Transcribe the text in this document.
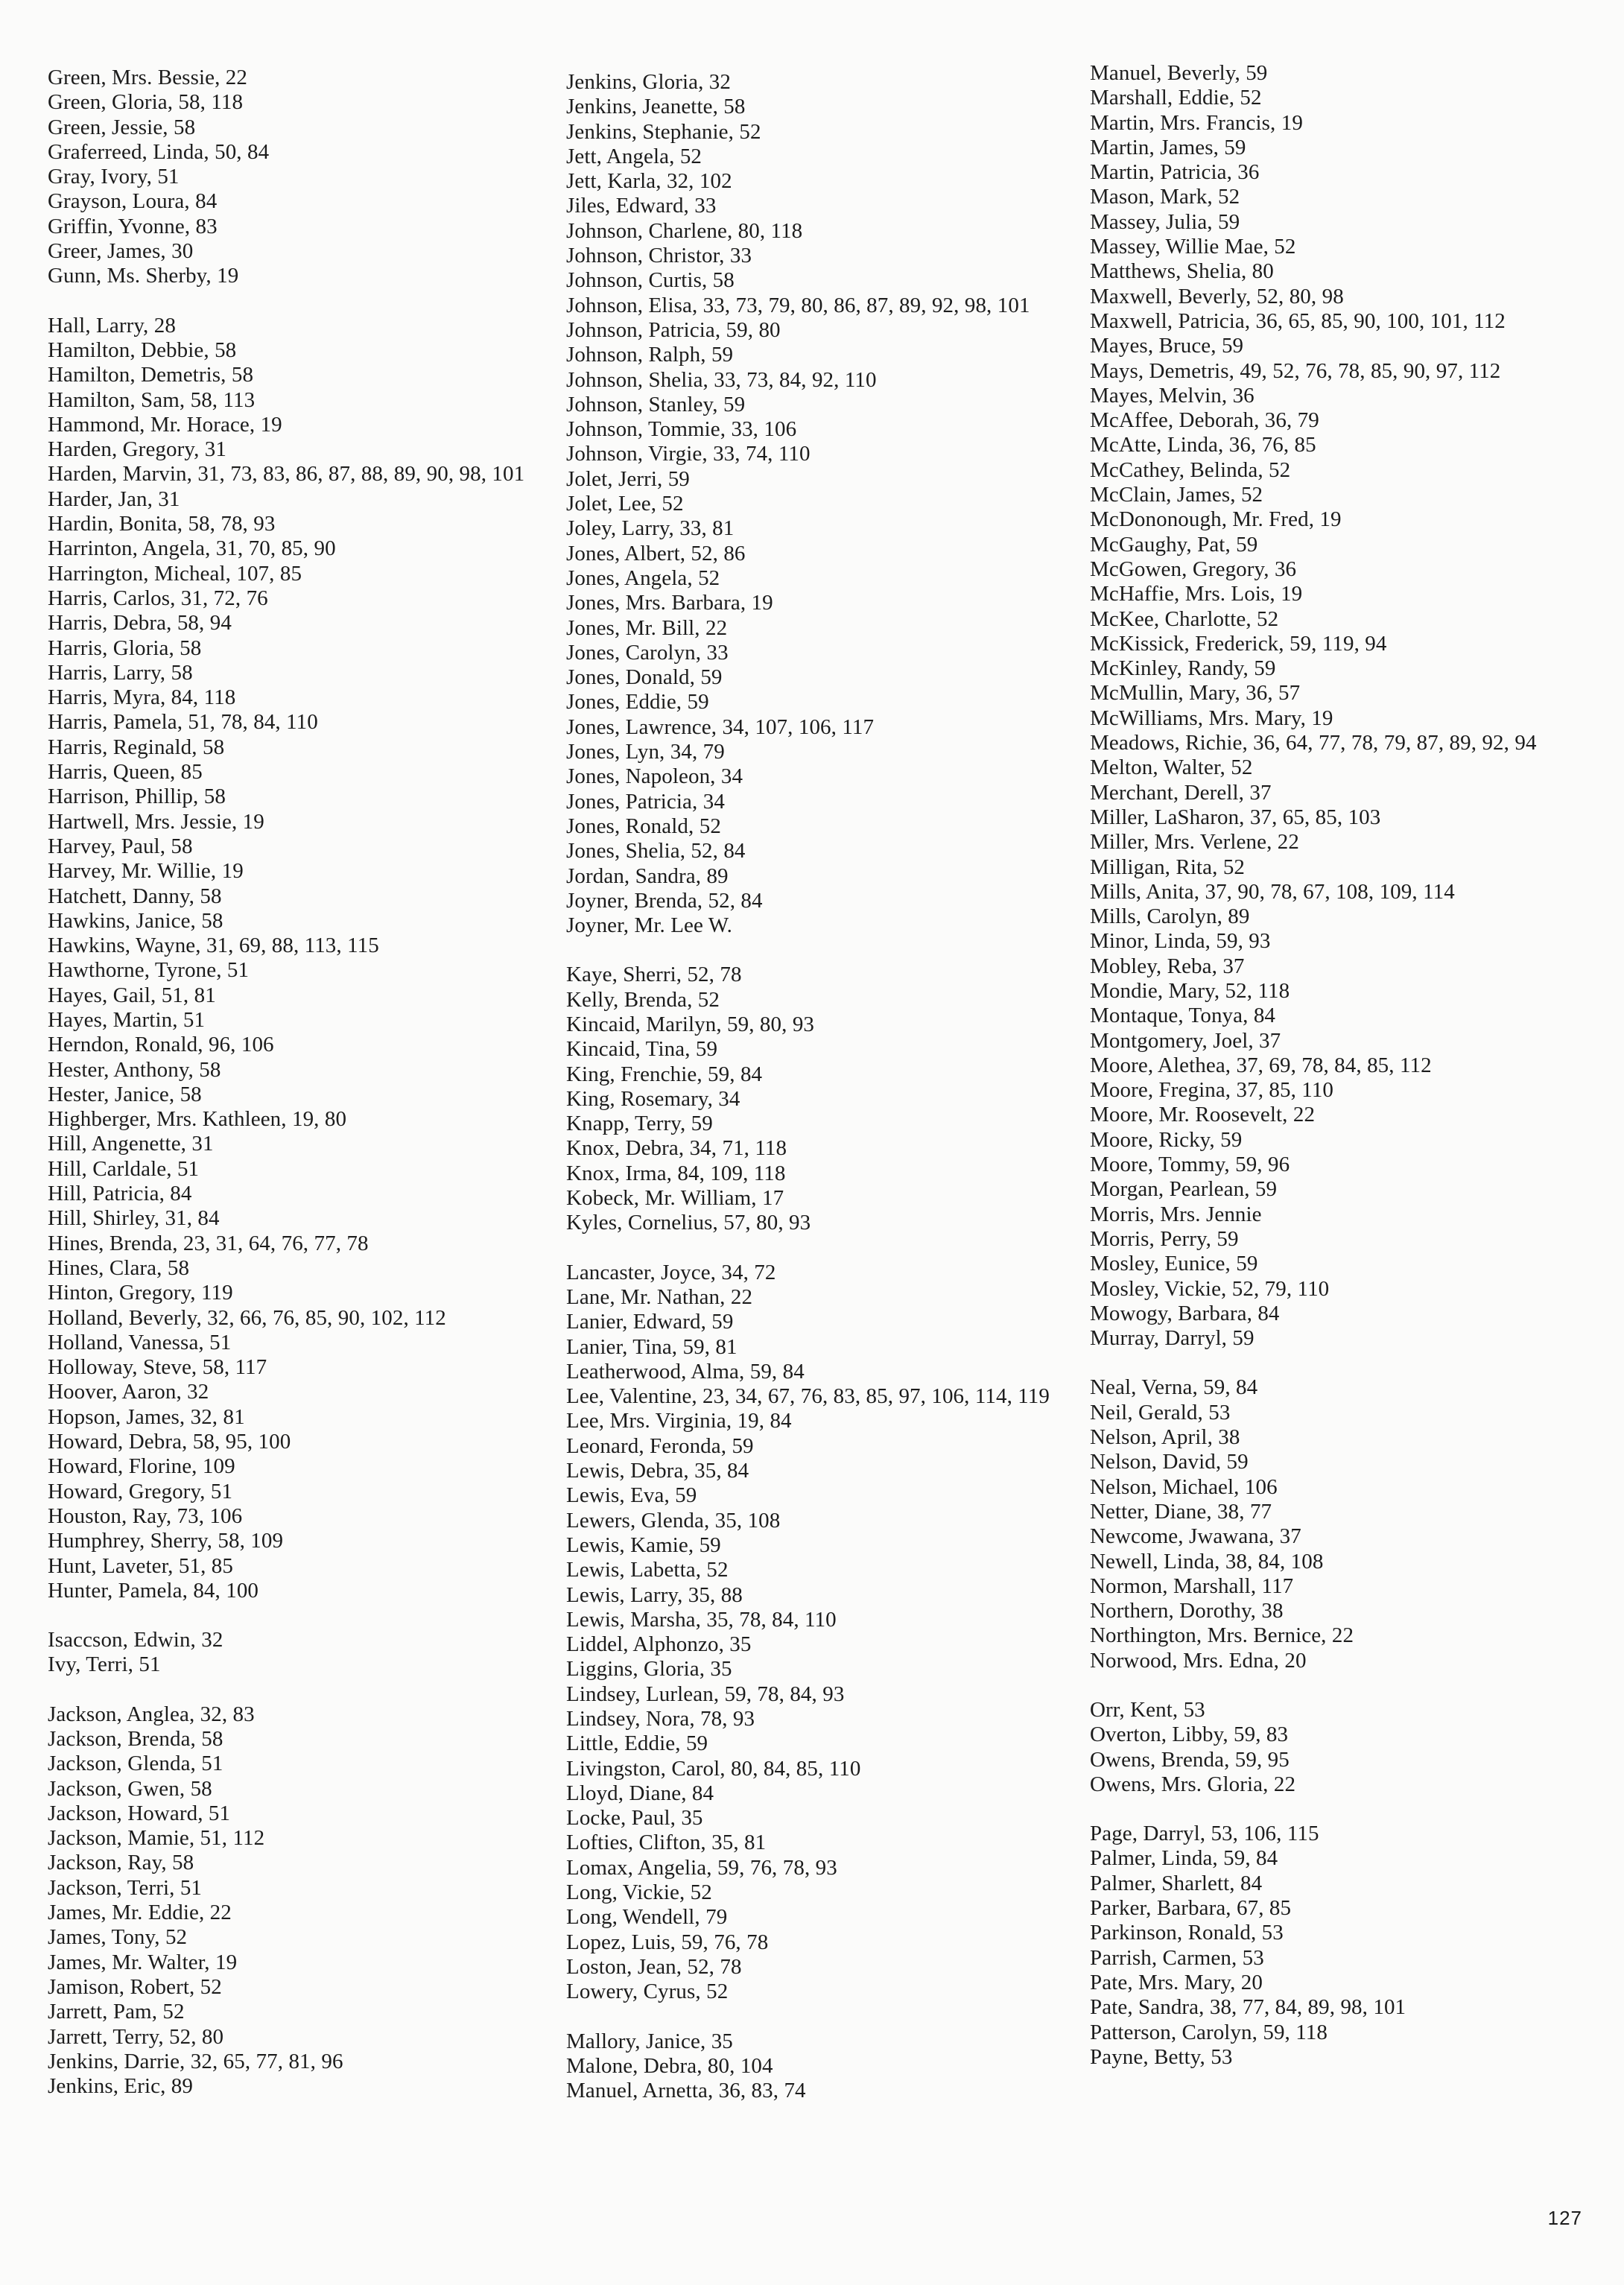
Green, Mrs. Bessie, 22
Green, Gloria, 58, 118
Green, Jessie, 58
Graferreed, Linda, 50, 84
Gray, Ivory, 51
Grayson, Loura, 84
Griffin, Yvonne, 83
Greer, James, 30
Gunn, Ms. Sherby, 19
Hall, Larry, 28
Hamilton, Debbie, 58
Hamilton, Demetris, 58
Hamilton, Sam, 58, 113
Hammond, Mr. Horace, 19
Harden, Gregory, 31
Harden, Marvin, 31, 73, 83, 86, 87, 88, 89, 90, 98, 101
Harder, Jan, 31
Hardin, Bonita, 58, 78, 93
Harrinton, Angela, 31, 70, 85, 90
Harrington, Micheal, 107, 85
Harris, Carlos, 31, 72, 76
Harris, Debra, 58, 94
Harris, Gloria, 58
Harris, Larry, 58
Harris, Myra, 84, 118
Harris, Pamela, 51, 78, 84, 110
Harris, Reginald, 58
Harris, Queen, 85
Harrison, Phillip, 58
Hartwell, Mrs. Jessie, 19
Harvey, Paul, 58
Harvey, Mr. Willie, 19
Hatchett, Danny, 58
Hawkins, Janice, 58
Hawkins, Wayne, 31, 69, 88, 113, 115
Hawthorne, Tyrone, 51
Hayes, Gail, 51, 81
Hayes, Martin, 51
Herndon, Ronald, 96, 106
Hester, Anthony, 58
Hester, Janice, 58
Highberger, Mrs. Kathleen, 19, 80
Hill, Angenette, 31
Hill, Carldale, 51
Hill, Patricia, 84
Hill, Shirley, 31, 84
Hines, Brenda, 23, 31, 64, 76, 77, 78
Hines, Clara, 58
Hinton, Gregory, 119
Holland, Beverly, 32, 66, 76, 85, 90, 102, 112
Holland, Vanessa, 51
Holloway, Steve, 58, 117
Hoover, Aaron, 32
Hopson, James, 32, 81
Howard, Debra, 58, 95, 100
Howard, Florine, 109
Howard, Gregory, 51
Houston, Ray, 73, 106
Humphrey, Sherry, 58, 109
Hunt, Laveter, 51, 85
Hunter, Pamela, 84, 100
Isaccson, Edwin, 32
Ivy, Terri, 51
Jackson, Anglea, 32, 83
Jackson, Brenda, 58
Jackson, Glenda, 51
Jackson, Gwen, 58
Jackson, Howard, 51
Jackson, Mamie, 51, 112
Jackson, Ray, 58
Jackson, Terri, 51
James, Mr. Eddie, 22
James, Tony, 52
James, Mr. Walter, 19
Jamison, Robert, 52
Jarrett, Pam, 52
Jarrett, Terry, 52, 80
Jenkins, Darrie, 32, 65, 77, 81, 96
Jenkins, Eric, 89
Jenkins, Gloria, 32
Jenkins, Jeanette, 58
Jenkins, Stephanie, 52
Jett, Angela, 52
Jett, Karla, 32, 102
Jiles, Edward, 33
Johnson, Charlene, 80, 118
Johnson, Christor, 33
Johnson, Curtis, 58
Johnson, Elisa, 33, 73, 79, 80, 86, 87, 89, 92, 98, 101
Johnson, Patricia, 59, 80
Johnson, Ralph, 59
Johnson, Shelia, 33, 73, 84, 92, 110
Johnson, Stanley, 59
Johnson, Tommie, 33, 106
Johnson, Virgie, 33, 74, 110
Jolet, Jerri, 59
Jolet, Lee, 52
Joley, Larry, 33, 81
Jones, Albert, 52, 86
Jones, Angela, 52
Jones, Mrs. Barbara, 19
Jones, Mr. Bill, 22
Jones, Carolyn, 33
Jones, Donald, 59
Jones, Eddie, 59
Jones, Lawrence, 34, 107, 106, 117
Jones, Lyn, 34, 79
Jones, Napoleon, 34
Jones, Patricia, 34
Jones, Ronald, 52
Jones, Shelia, 52, 84
Jordan, Sandra, 89
Joyner, Brenda, 52, 84
Joyner, Mr. Lee W.
Kaye, Sherri, 52, 78
Kelly, Brenda, 52
Kincaid, Marilyn, 59, 80, 93
Kincaid, Tina, 59
King, Frenchie, 59, 84
King, Rosemary, 34
Knapp, Terry, 59
Knox, Debra, 34, 71, 118
Knox, Irma, 84, 109, 118
Kobeck, Mr. William, 17
Kyles, Cornelius, 57, 80, 93
Lancaster, Joyce, 34, 72
Lane, Mr. Nathan, 22
Lanier, Edward, 59
Lanier, Tina, 59, 81
Leatherwood, Alma, 59, 84
Lee, Valentine, 23, 34, 67, 76, 83, 85, 97, 106, 114, 119
Lee, Mrs. Virginia, 19, 84
Leonard, Feronda, 59
Lewis, Debra, 35, 84
Lewis, Eva, 59
Lewers, Glenda, 35, 108
Lewis, Kamie, 59
Lewis, Labetta, 52
Lewis, Larry, 35, 88
Lewis, Marsha, 35, 78, 84, 110
Liddel, Alphonzo, 35
Liggins, Gloria, 35
Lindsey, Lurlean, 59, 78, 84, 93
Lindsey, Nora, 78, 93
Little, Eddie, 59
Livingston, Carol, 80, 84, 85, 110
Lloyd, Diane, 84
Locke, Paul, 35
Lofties, Clifton, 35, 81
Lomax, Angelia, 59, 76, 78, 93
Long, Vickie, 52
Long, Wendell, 79
Lopez, Luis, 59, 76, 78
Loston, Jean, 52, 78
Lowery, Cyrus, 52
Mallory, Janice, 35
Malone, Debra, 80, 104
Manuel, Arnetta, 36, 83, 74
Manuel, Beverly, 59
Marshall, Eddie, 52
Martin, Mrs. Francis, 19
Martin, James, 59
Martin, Patricia, 36
Mason, Mark, 52
Massey, Julia, 59
Massey, Willie Mae, 52
Matthews, Shelia, 80
Maxwell, Beverly, 52, 80, 98
Maxwell, Patricia, 36, 65, 85, 90, 100, 101, 112
Mayes, Bruce, 59
Mays, Demetris, 49, 52, 76, 78, 85, 90, 97, 112
Mayes, Melvin, 36
McAffee, Deborah, 36, 79
McAtte, Linda, 36, 76, 85
McCathey, Belinda, 52
McClain, James, 52
McDononough, Mr. Fred, 19
McGaughy, Pat, 59
McGowen, Gregory, 36
McHaffie, Mrs. Lois, 19
McKee, Charlotte, 52
McKissick, Frederick, 59, 119, 94
McKinley, Randy, 59
McMullin, Mary, 36, 57
McWilliams, Mrs. Mary, 19
Meadows, Richie, 36, 64, 77, 78, 79, 87, 89, 92, 94
Melton, Walter, 52
Merchant, Derell, 37
Miller, LaSharon, 37, 65, 85, 103
Miller, Mrs. Verlene, 22
Milligan, Rita, 52
Mills, Anita, 37, 90, 78, 67, 108, 109, 114
Mills, Carolyn, 89
Minor, Linda, 59, 93
Mobley, Reba, 37
Mondie, Mary, 52, 118
Montaque, Tonya, 84
Montgomery, Joel, 37
Moore, Alethea, 37, 69, 78, 84, 85, 112
Moore, Fregina, 37, 85, 110
Moore, Mr. Roosevelt, 22
Moore, Ricky, 59
Moore, Tommy, 59, 96
Morgan, Pearlean, 59
Morris, Mrs. Jennie
Morris, Perry, 59
Mosley, Eunice, 59
Mosley, Vickie, 52, 79, 110
Mowogy, Barbara, 84
Murray, Darryl, 59
Neal, Verna, 59, 84
Neil, Gerald, 53
Nelson, April, 38
Nelson, David, 59
Nelson, Michael, 106
Netter, Diane, 38, 77
Newcome, Jwawana, 37
Newell, Linda, 38, 84, 108
Normon, Marshall, 117
Northern, Dorothy, 38
Northington, Mrs. Bernice, 22
Norwood, Mrs. Edna, 20
Orr, Kent, 53
Overton, Libby, 59, 83
Owens, Brenda, 59, 95
Owens, Mrs. Gloria, 22
Page, Darryl, 53, 106, 115
Palmer, Linda, 59, 84
Palmer, Sharlett, 84
Parker, Barbara, 67, 85
Parkinson, Ronald, 53
Parrish, Carmen, 53
Pate, Mrs. Mary, 20
Pate, Sandra, 38, 77, 84, 89, 98, 101
Patterson, Carolyn, 59, 118
Payne, Betty, 53
127
